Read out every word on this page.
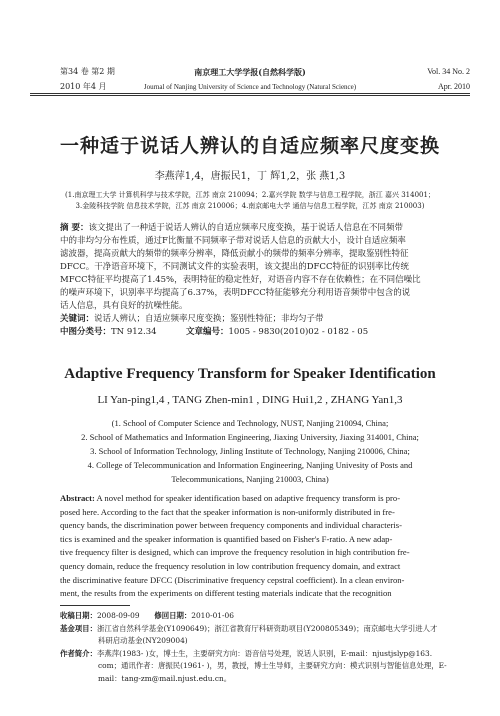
第34 卷 第2 期
2010 年4 月
南京理工大学学报(自然科学版)
Journal of Nanjing University of Science and Technology (Natural Science)
Vol. 34 No. 2
Apr. 2010
一种适于说话人辨认的自适应频率尺度变换
李燕萍1,4，唐振民1，丁 辉1,2，张 燕1,3
(1.南京理工大学 计算机科学与技术学院，江苏 南京 210094；2.嘉兴学院 数学与信息工程学院，浙江 嘉兴 314001；
3.金陵科技学院 信息技术学院，江苏 南京 210006；4.南京邮电大学 通信与信息工程学院，江苏 南京 210003)
摘 要：该文提出了一种适于说话人辨认的自适应频率尺度变换，基于说话人信息在不同频带
中的非均匀分布性质，通过F比衡量不同频率子带对说话人信息的贡献大小，设计自适应频率
滤波器，提高贡献大的频带的频率分辨率，降低贡献小的频带的频率分辨率，提取鉴别性特征
DFCC。干净语音环境下，不同测试文件的实验表明，该文提出的DFCC特征的识别率比传统
MFCC特征平均提高了1.45%，表明特征的稳定性好，对语音内容不存在依赖性；在不同信噪比
的噪声环境下，识别率平均提高了6.37%，表明DFCC特征能够充分利用语音频带中包含的说
话人信息，具有良好的抗噪性能。
关键词：说话人辨认；自适应频率尺度变换；鉴别性特征；非均匀子带
中图分类号：TN 912.34	文章编号：1005 - 9830(2010)02 - 0182 - 05
Adaptive Frequency Transform for Speaker Identification
LI Yan-ping1,4 , TANG Zhen-min1 , DING Hui1,2 , ZHANG Yan1,3
(1. School of Computer Science and Technology, NUST, Nanjing 210094, China;
2. School of Mathematics and Information Engineering, Jiaxing University, Jiaxing 314001, China;
3. School of Information Technology, Jinling Institute of Technology, Nanjing 210006, China;
4. College of Telecommunication and Information Engineering, Nanjing Univesity of Posts and
Telecommunications, Nanjing 210003, China)
Abstract: A novel method for speaker identification based on adaptive frequency transform is pro-
posed here. According to the fact that the speaker information is non-uniformly distributed in fre-
quency bands, the discrimination power between frequency components and individual characteris-
tics is examined and the speaker information is quantified based on Fisher's F-ratio. A new adap-
tive frequency filter is designed, which can improve the frequency resolution in high contribution fre-
quency domain, reduce the frequency resolution in low contribution frequency domain, and extract
the discriminative feature DFCC (Discriminative frequency cepstral coefficient). In a clean environ-
ment, the results from the experiments on different testing materials indicate that the recognition
收稿日期：2008-09-09 修回日期：2010-01-06
基金项目：浙江省自然科学基金(Y1090649)；浙江省教育厅科研资助项目(Y200805349)；南京邮电大学引进人才
科研启动基金(NY209004)
作者简介：李燕萍(1983- )女，博士生，主要研究方向：语音信号处理，说话人识别，E-mail：njustjslyp@163.
com；通讯作者：唐振民(1961- )，男，教授，博士生导师，主要研究方向：模式识别与智能信息处理，E-
mail：tang-zm@mail.njust.edu.cn。
